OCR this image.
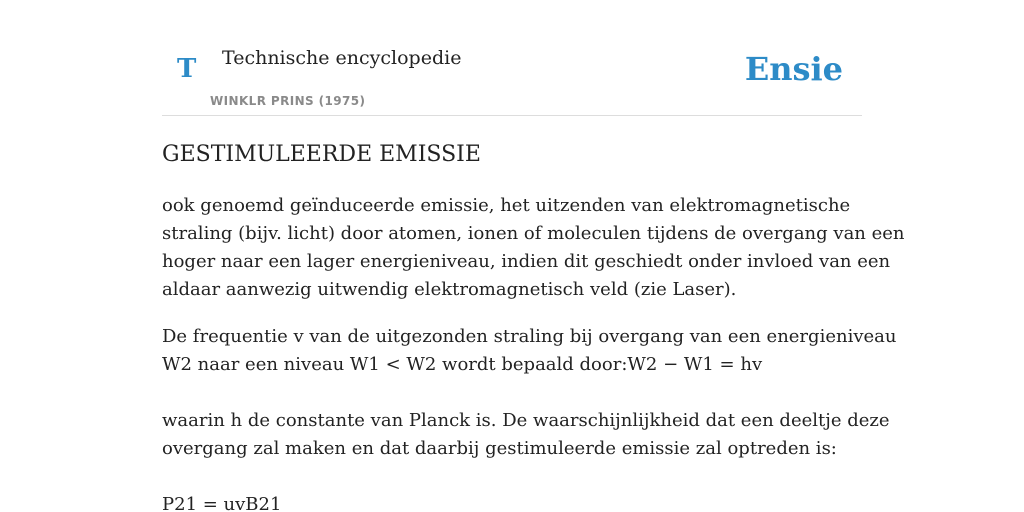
T Technische encyclopedie
WINKLR PRINS (1975)
Ensie
GESTIMULEERDE EMISSIE

ook genoemd geïnduceerde emissie, het uitzenden van elektromagnetische
straling (bijv. licht) door atomen, ionen of moleculen tijdens de overgang van een
hoger naar een lager energieniveau, indien dit geschiedt onder invloed van een
aldaar aanwezig uitwendig elektromagnetisch veld (zie Laser).

De frequentie v van de uitgezonden straling bij overgang van een energieniveau
W2 naar een niveau W1 < W2 wordt bepaald door:W2 − W1 = hv

waarin h de constante van Planck is. De waarschijnlijkheid dat een deeltje deze
overgang zal maken en dat daarbij gestimuleerde emissie zal optreden is:

P21 = uvB21
